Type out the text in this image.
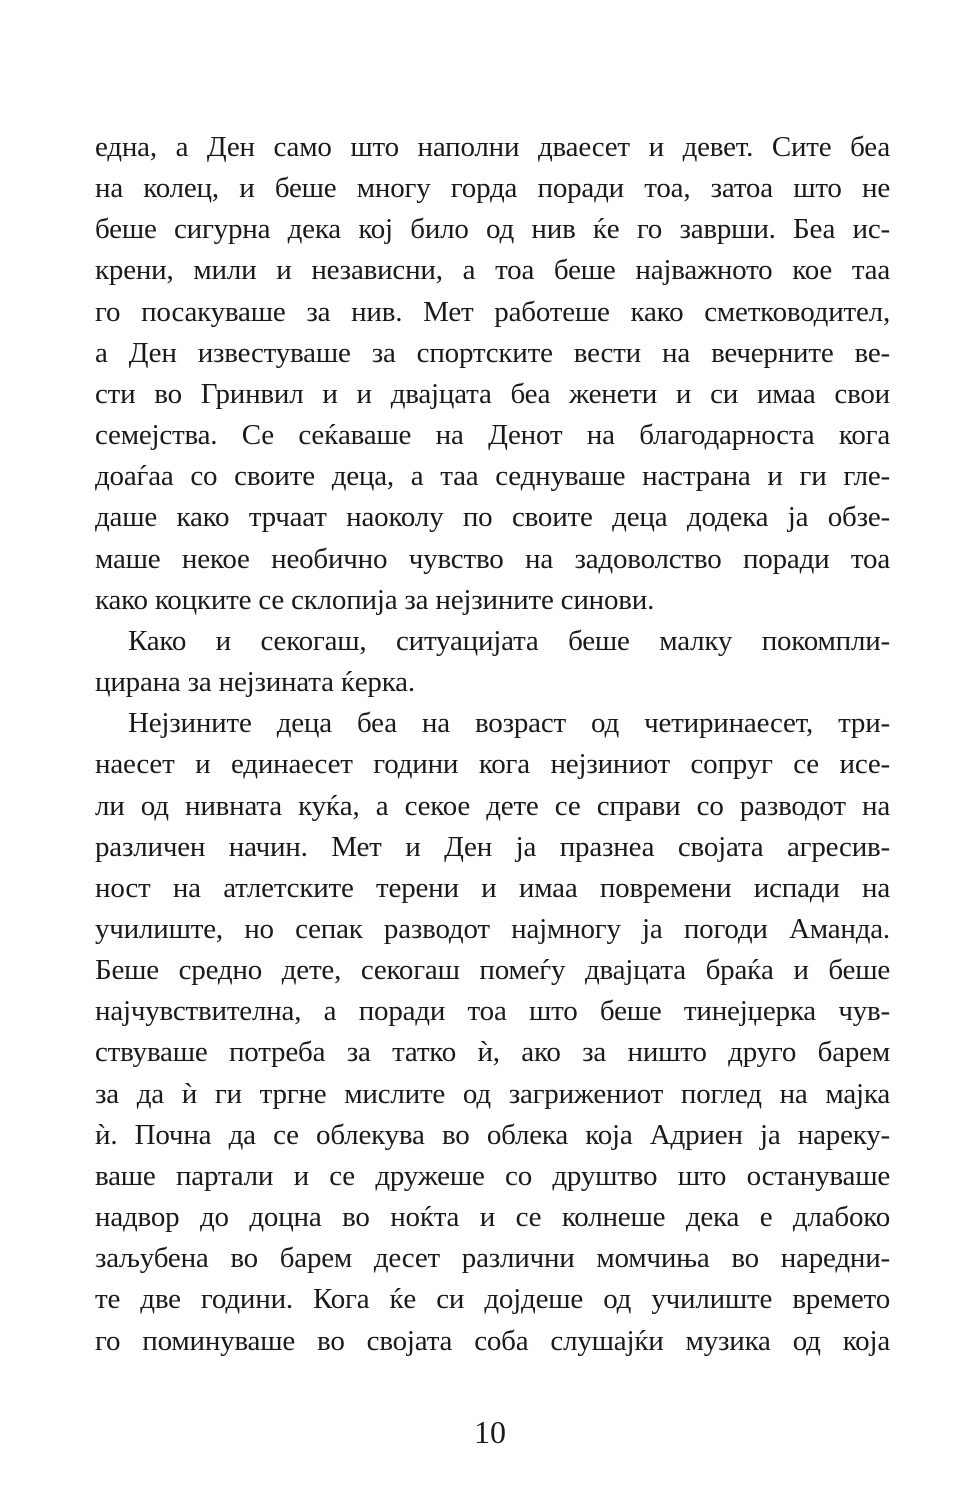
една, а Ден само што наполни дваесет и девет. Сите беа
на колец, и беше многу горда поради тоа, затоа што не
беше сигурна дека кој било од нив ќе го заврши. Беа ис-
крени, мили и независни, а тоа беше најважното кое таа
го посакуваше за нив. Мет работеше како сметководител,
а Ден известуваше за спортските вести на вечерните ве-
сти во Гринвил и и двајцата беа женети и си имаа свои
семејства. Се сеќаваше на Денот на благодарноста кога
доаѓаа со своите деца, а таа седнуваше настрана и ги гле-
даше како трчаат наоколу по своите деца додека ја обзе-
маше некое необично чувство на задоволство поради тоа
како коцките се склопија за нејзините синови.
Како и секогаш, ситуацијата беше малку покомпли-
цирана за нејзината ќерка.
Нејзините деца беа на возраст од четиринаесет, три-
наесет и единаесет години кога нејзиниот сопруг се исе-
ли од нивната куќа, а секое дете се справи со разводот на
различен начин. Мет и Ден ја празнеа својата агресив-
ност на атлетските терени и имаа повремени испади на
училиште, но сепак разводот најмногу ја погоди Аманда.
Беше средно дете, секогаш помеѓу двајцата браќа и беше
најчувствителна, а поради тоа што беше тинејџерка чув-
ствуваше потреба за татко ѝ, ако за ништо друго барем
за да ѝ ги тргне мислите од загрижениот поглед на мајка
ѝ. Почна да се облекува во облека која Адриен ја нареку-
ваше партали и се дружеше со друштво што остануваше
надвор до доцна во ноќта и се колнеше дека е длабоко
заљубена во барем десет различни момчиња во наредни-
те две години. Кога ќе си дојдеше од училиште времето
го поминуваше во својата соба слушајќи музика од која
10
